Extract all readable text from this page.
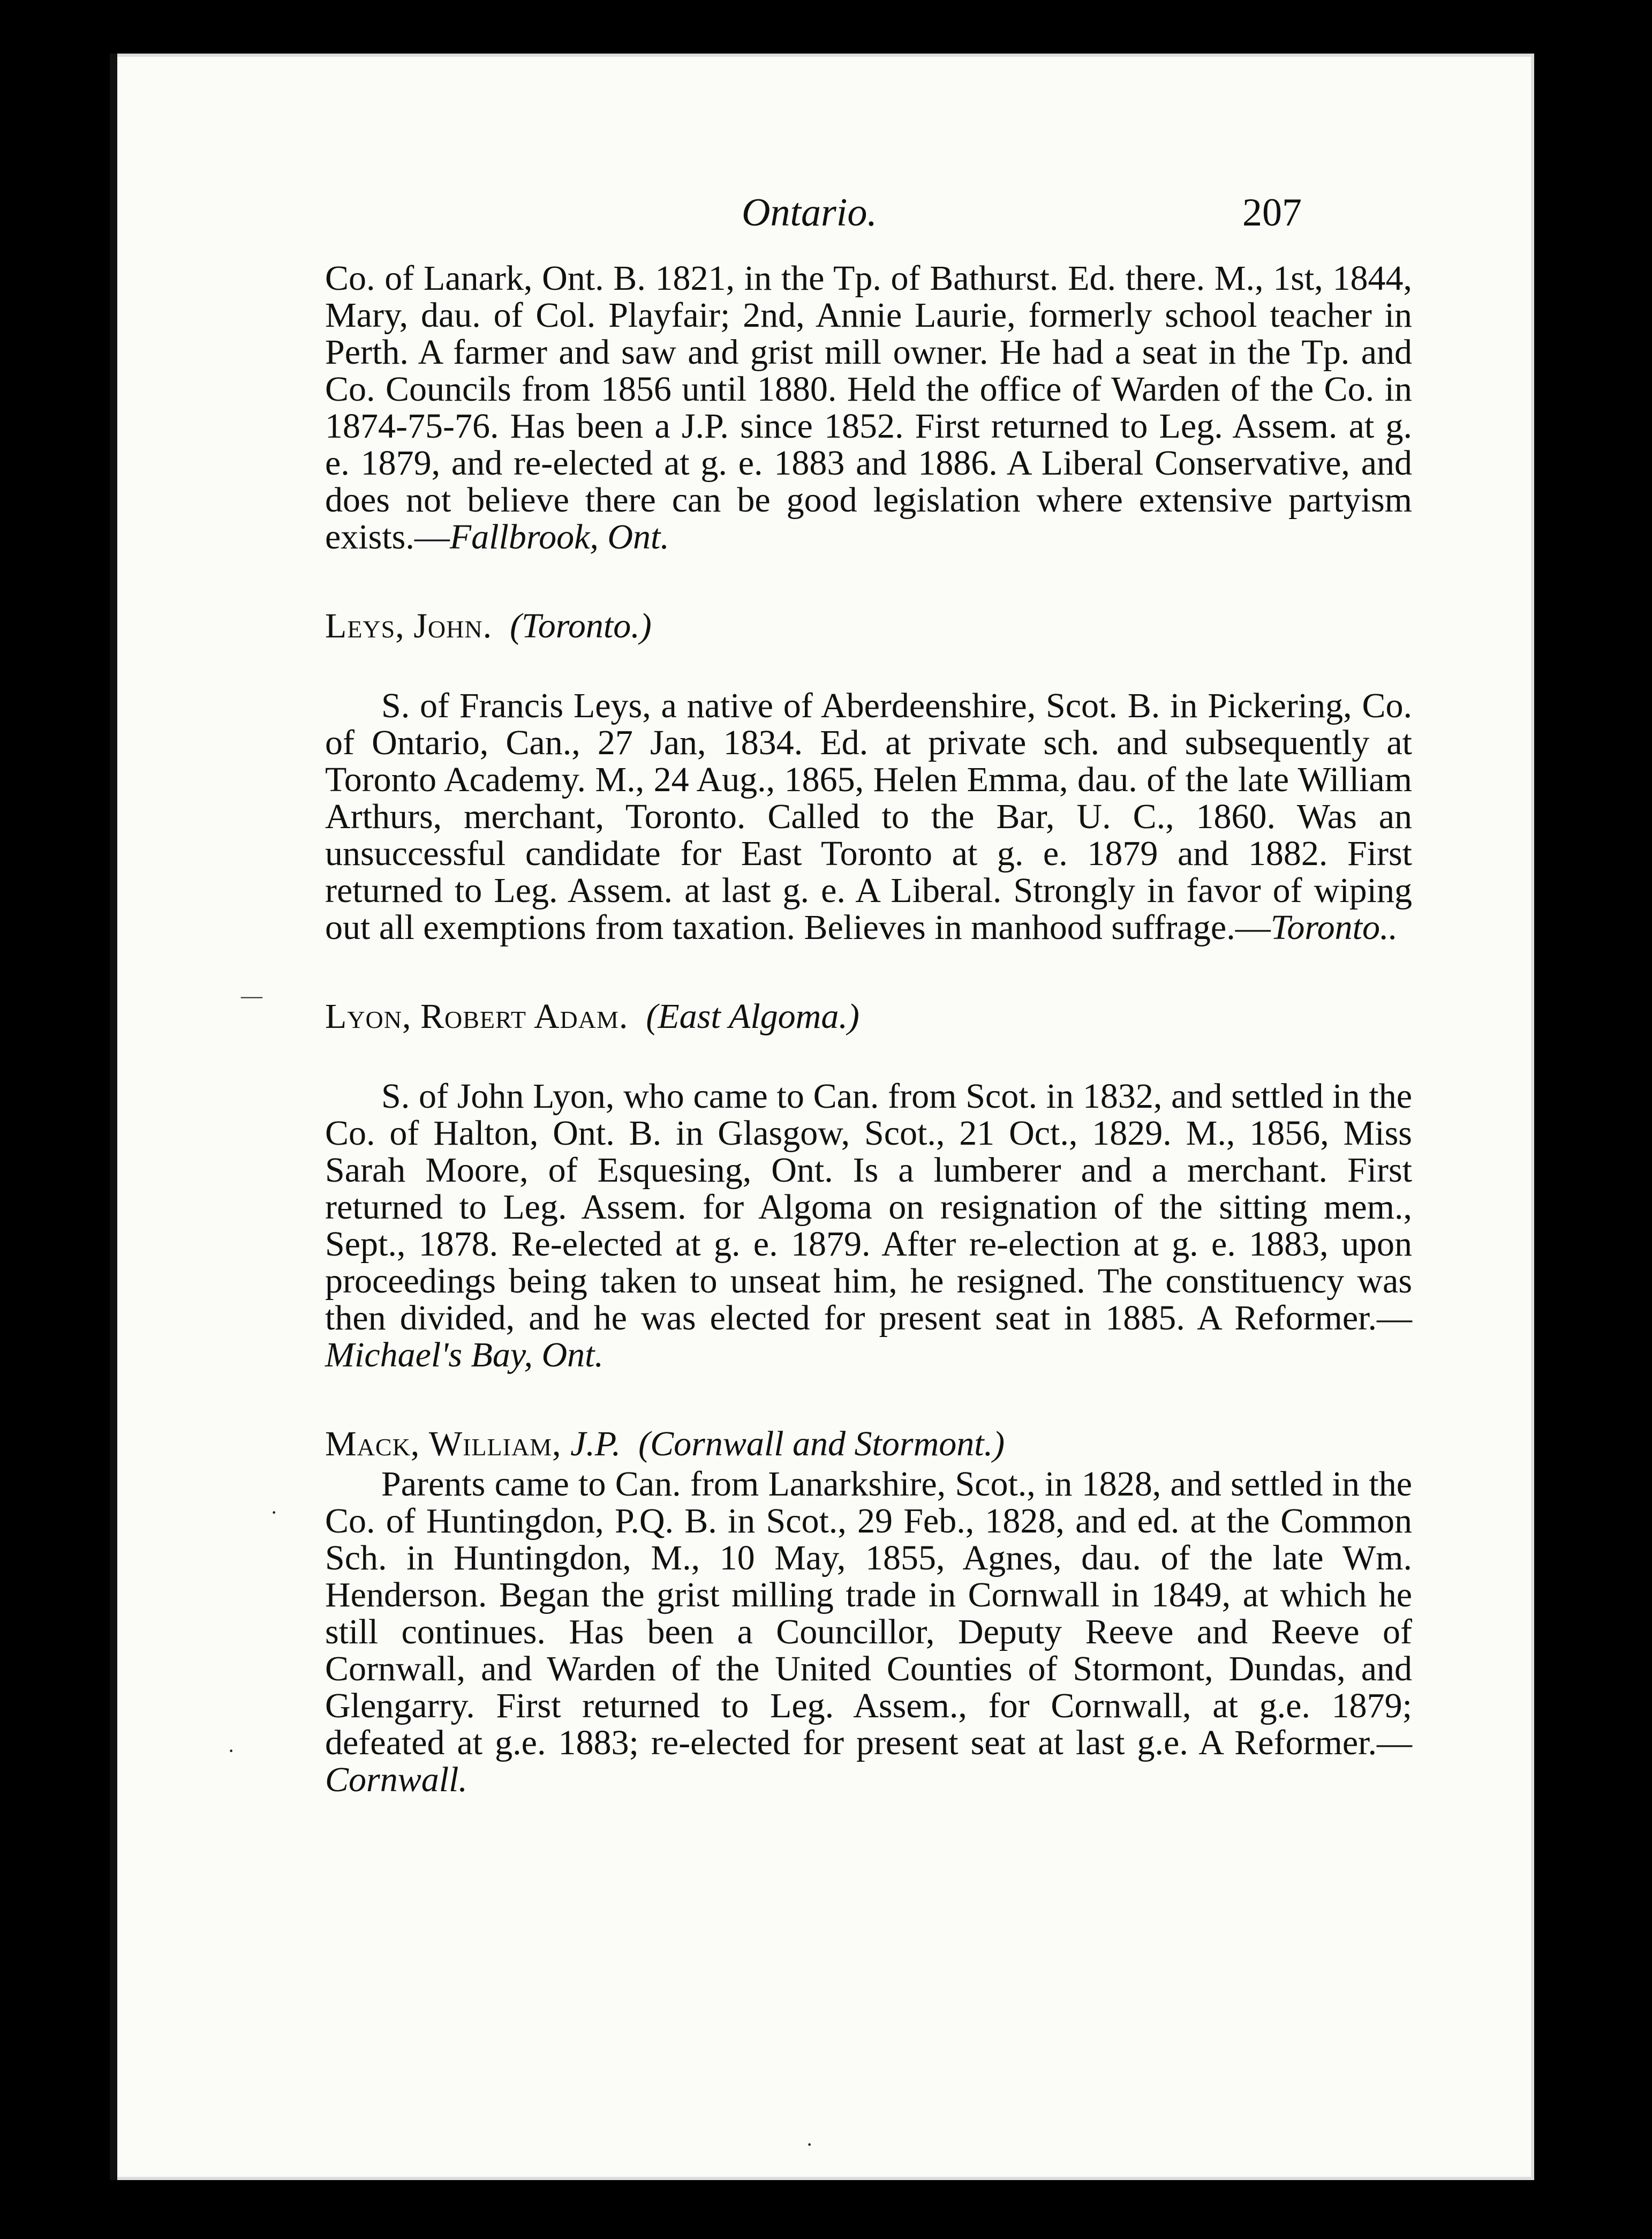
Ontario.	207

Co. of Lanark, Ont. B. 1821, in the Tp. of Bathurst. Ed. there. M., 1st, 1844, Mary, dau. of Col. Playfair; 2nd, Annie Laurie, formerly school teacher in Perth. A farmer and saw and grist mill owner. He had a seat in the Tp. and Co. Councils from 1856 until 1880. Held the office of Warden of the Co. in 1874-75-76. Has been a J.P. since 1852. First returned to Leg. Assem. at g. e. 1879, and re-elected at g. e. 1883 and 1886. A Liberal Conservative, and does not believe there can be good legislation where extensive partyism exists.—Fallbrook, Ont.

Leys, John. (Toronto.)

S. of Francis Leys, a native of Aberdeenshire, Scot. B. in Pickering, Co. of Ontario, Can., 27 Jan, 1834. Ed. at private sch. and subsequently at Toronto Academy. M., 24 Aug., 1865, Helen Emma, dau. of the late William Arthurs, merchant, Toronto. Called to the Bar, U. C., 1860. Was an unsuccessful candidate for East Toronto at g. e. 1879 and 1882. First returned to Leg. Assem. at last g. e. A Liberal. Strongly in favor of wiping out all exemptions from taxation. Believes in manhood suffrage.—Toronto..

Lyon, Robert Adam. (East Algoma.)

S. of John Lyon, who came to Can. from Scot. in 1832, and settled in the Co. of Halton, Ont. B. in Glasgow, Scot., 21 Oct., 1829. M., 1856, Miss Sarah Moore, of Esquesing, Ont. Is a lumberer and a merchant. First returned to Leg. Assem. for Algoma on resignation of the sitting mem., Sept., 1878. Re-elected at g. e. 1879. After re-election at g. e. 1883, upon proceedings being taken to unseat him, he resigned. The constituency was then divided, and he was elected for present seat in 1885. A Reformer.—Michael's Bay, Ont.

Mack, William, J.P. (Cornwall and Stormont.)

Parents came to Can. from Lanarkshire, Scot., in 1828, and settled in the Co. of Huntingdon, P.Q. B. in Scot., 29 Feb., 1828, and ed. at the Common Sch. in Huntingdon, M., 10 May, 1855, Agnes, dau. of the late Wm. Henderson. Began the grist milling trade in Cornwall in 1849, at which he still continues. Has been a Councillor, Deputy Reeve and Reeve of Cornwall, and Warden of the United Counties of Stormont, Dundas, and Glengarry. First returned to Leg. Assem., for Cornwall, at g.e. 1879; defeated at g.e. 1883; re-elected for present seat at last g.e. A Reformer.—Cornwall.

—
·
·
·
